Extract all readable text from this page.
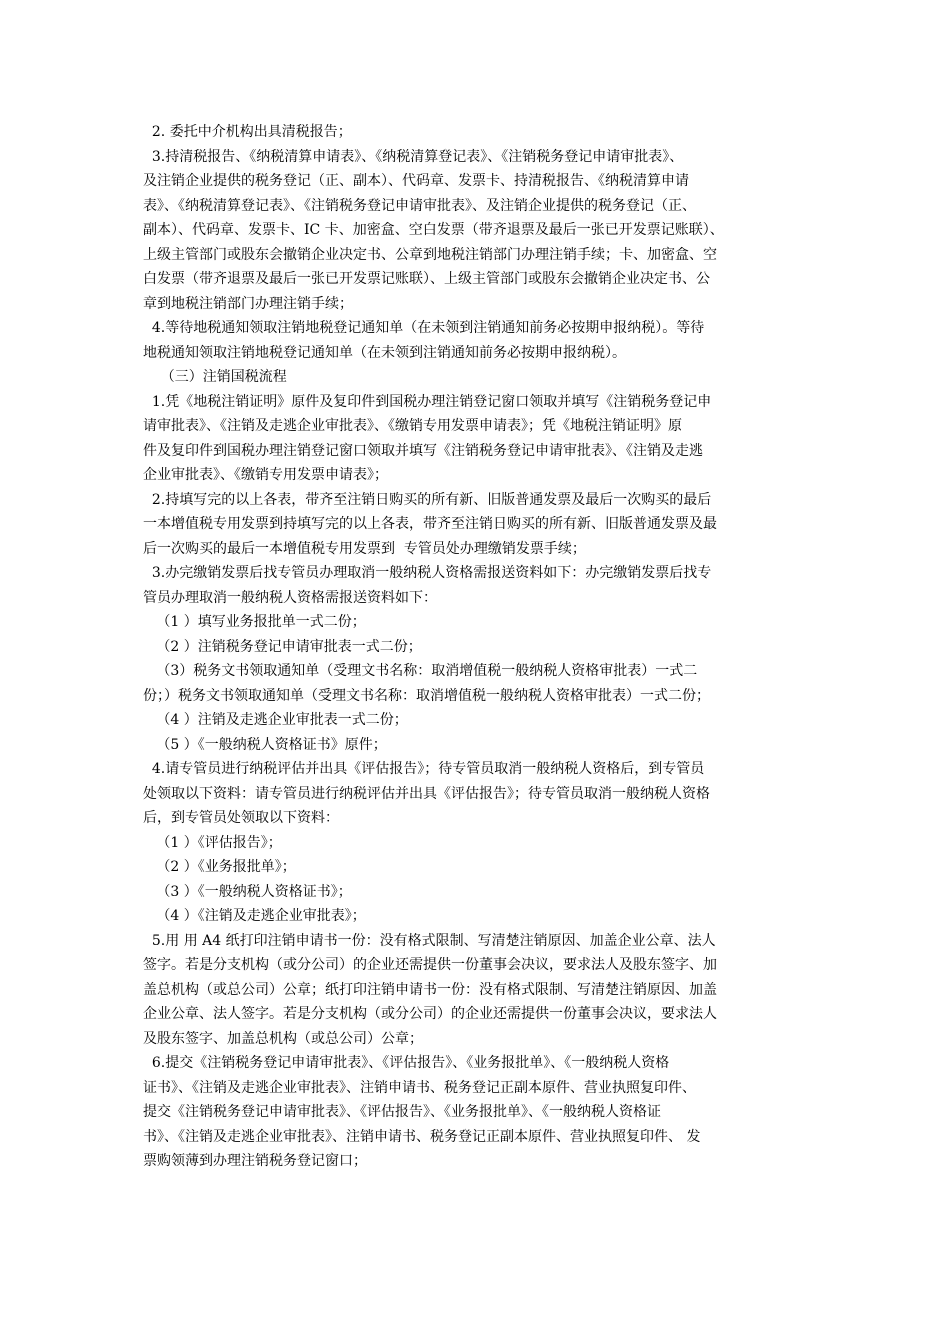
2. 委托中介机构出具清税报告；
3.持清税报告、《纳税清算申请表》、《纳税清算登记表》、《注销税务登记申请审批表》、
及注销企业提供的税务登记（正、副本）、代码章、发票卡、持清税报告、《纳税清算申请
表》、《纳税清算登记表》、《注销税务登记申请审批表》、及注销企业提供的税务登记（正、
副本）、代码章、发票卡、IC 卡、加密盒、空白发票（带齐退票及最后一张已开发票记账联）、
上级主管部门或股东会撤销企业决定书、公章到地税注销部门办理注销手续；卡、加密盒、空
白发票（带齐退票及最后一张已开发票记账联）、上级主管部门或股东会撤销企业决定书、公
章到地税注销部门办理注销手续；
4.等待地税通知领取注销地税登记通知单（在未领到注销通知前务必按期申报纳税）。等待
地税通知领取注销地税登记通知单（在未领到注销通知前务必按期申报纳税）。
（三）注销国税流程
1.凭《地税注销证明》原件及复印件到国税办理注销登记窗口领取并填写《注销税务登记申
请审批表》、《注销及走逃企业审批表》、《缴销专用发票申请表》；凭《地税注销证明》原
件及复印件到国税办理注销登记窗口领取并填写《注销税务登记申请审批表》、《注销及走逃
企业审批表》、《缴销专用发票申请表》；
2.持填写完的以上各表，带齐至注销日购买的所有新、旧版普通发票及最后一次购买的最后
一本增值税专用发票到持填写完的以上各表，带齐至注销日购买的所有新、旧版普通发票及最
后一次购买的最后一本增值税专用发票到  专管员处办理缴销发票手续；
3.办完缴销发票后找专管员办理取消一般纳税人资格需报送资料如下：办完缴销发票后找专
管员办理取消一般纳税人资格需报送资料如下：
（1 ）填写业务报批单一式二份；
（2 ）注销税务登记申请审批表一式二份；
（3）税务文书领取通知单（受理文书名称：取消增值税一般纳税人资格审批表）一式二
份；）税务文书领取通知单（受理文书名称：取消增值税一般纳税人资格审批表）一式二份；
（4 ）注销及走逃企业审批表一式二份；
（5 ）《一般纳税人资格证书》原件；
4.请专管员进行纳税评估并出具《评估报告》；待专管员取消一般纳税人资格后，到专管员
处领取以下资料：请专管员进行纳税评估并出具《评估报告》；待专管员取消一般纳税人资格
后，到专管员处领取以下资料：
（1 ）《评估报告》；
（2 ）《业务报批单》；
（3 ）《一般纳税人资格证书》；
（4 ）《注销及走逃企业审批表》；
5.用 用 A4 纸打印注销申请书一份：没有格式限制、写清楚注销原因、加盖企业公章、法人
签字。若是分支机构（或分公司）的企业还需提供一份董事会决议，要求法人及股东签字、加
盖总机构（或总公司）公章；纸打印注销申请书一份：没有格式限制、写清楚注销原因、加盖
企业公章、法人签字。若是分支机构（或分公司）的企业还需提供一份董事会决议，要求法人
及股东签字、加盖总机构（或总公司）公章；
6.提交《注销税务登记申请审批表》、《评估报告》、《业务报批单》、《一般纳税人资格
证书》、《注销及走逃企业审批表》、注销申请书、税务登记正副本原件、营业执照复印件、
提交《注销税务登记申请审批表》、《评估报告》、《业务报批单》、《一般纳税人资格证
书》、《注销及走逃企业审批表》、注销申请书、税务登记正副本原件、营业执照复印件、 发
票购领薄到办理注销税务登记窗口；
